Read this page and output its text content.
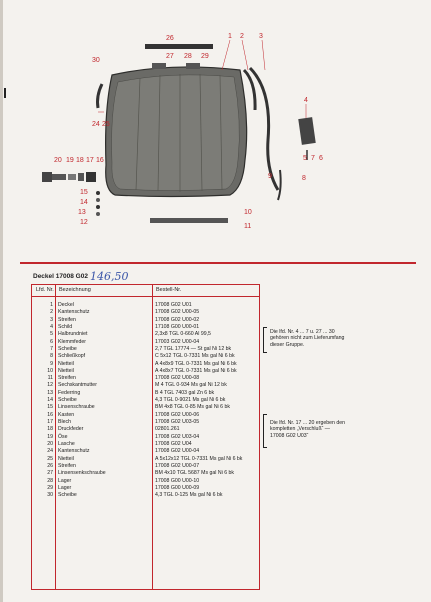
1 2 3
4
5 6
7
8
9
10
11
12
13
14
15
16
17
18
19
20
24 25
26
27 28 29
30
Deckel 17008 G02 146,50
Lfd. Nr. Bezeichnung	Bestell-Nr.
1 Deckel	17008 G02 U01
2 Kantenschutz	17008 G02 U00-05
3 Streifen	17008 G02 U00-02
4 Schild	17108 G00 U00-01
5 Halbrundniet	2,3x8 TGL 0-660 Al 99,5
6 Klemmfeder	17003 G02 U00-04
7 Scheibe	2,7 TGL 17774 — St gal Ni 12 bk
8 Schließkopf	C 5x12 TGL 0-7331 Ms gal Ni 6 bk
9 Nietteil	A 4x8x9 TGL 0-7331 Ms gal Ni 6 bk
10 Nietteil	A 4x8x7 TGL 0-7331 Ms gal Ni 6 bk
11 Streifen	17008 G02 U00-08
12 Sechskantmutter	M 4 TGL 0-934 Ms gal Ni 12 bk
13 Federring	B 4 TGL 7403 gal Zn 6 bk
14 Scheibe	4,3 TGL 0-9021 Ms gal Ni 6 bk
15 Linsenschraube	BM 4x8 TGL 0-85 Ms gal Ni 6 bk
16 Kasten	17008 G02 U00-06
17 Blech	17008 G02 U03-05
18 Druckfeder	02801.261
19 Öse	17008 G02 U03-04
20 Lasche	17008 G02 U04
24 Kantenschutz	17008 G02 U00-04
25 Nietteil	A 5x12x12 TGL 0-7331 Ms gal Ni 6 bk
26 Streifen	17008 G02 U00-07
27 Linsensenkschraube	BM 4x10 TGL 5687 Ms gal Ni 6 bk
28 Lager	17008 G00 U00-10
29 Lager	17008 G00 U00-09
30 Scheibe	4,3 TGL 0-125 Ms gal Ni 6 bk
Die lfd. Nr. 4 ... 7 u. 27 ... 30
gehören nicht zum Lieferumfang
dieser Gruppe.
Die lfd. Nr. 17 ... 20 ergeben den
kompletten „Verschluß“ —
17008 G02 U03“
